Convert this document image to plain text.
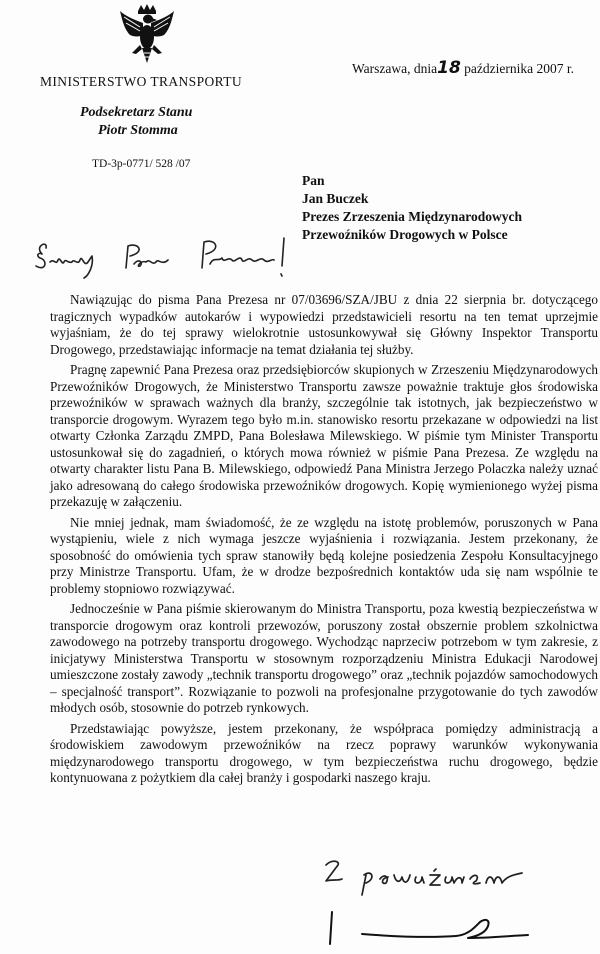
MINISTERSTWO TRANSPORTU
Podsekretarz Stanu
Piotr Stomma
TD-3p-0771/ 528 /07
Warszawa, dnia18 października 2007 r.
Pan
Jan Buczek
Prezes Zrzeszenia Międzynarodowych
Przewoźników Drogowych w Polsce

Nawiązując do pisma Pana Prezesa nr 07/03696/SZA/JBU z dnia 22 sierpnia br. dotyczącego tragicznych wypadków autokarów i wypowiedzi przedstawicieli resortu na ten temat uprzejmie wyjaśniam, że do tej sprawy wielokrotnie ustosunkowywał się Główny Inspektor Transportu Drogowego, przedstawiając informacje na temat działania tej służby.

Pragnę zapewnić Pana Prezesa oraz przedsiębiorców skupionych w Zrzeszeniu Międzynarodowych Przewoźników Drogowych, że Ministerstwo Transportu zawsze poważnie traktuje głos środowiska przewoźników w sprawach ważnych dla branży, szczególnie tak istotnych, jak bezpieczeństwo w transporcie drogowym. Wyrazem tego było m.in. stanowisko resortu przekazane w odpowiedzi na list otwarty Członka Zarządu ZMPD, Pana Bolesława Milewskiego. W piśmie tym Minister Transportu ustosunkował się do zagadnień, o których mowa również w piśmie Pana Prezesa. Ze względu na otwarty charakter listu Pana B. Milewskiego, odpowiedź Pana Ministra Jerzego Polaczka należy uznać jako adresowaną do całego środowiska przewoźników drogowych. Kopię wymienionego wyżej pisma przekazuję w załączeniu.

Nie mniej jednak, mam świadomość, że ze względu na istotę problemów, poruszonych w Pana wystąpieniu, wiele z nich wymaga jeszcze wyjaśnienia i rozwiązania. Jestem przekonany, że sposobność do omówienia tych spraw stanowiły będą kolejne posiedzenia Zespołu Konsultacyjnego przy Ministrze Transportu. Ufam, że w drodze bezpośrednich kontaktów uda się nam wspólnie te problemy stopniowo rozwiązywać.

Jednocześnie w Pana piśmie skierowanym do Ministra Transportu, poza kwestią bezpieczeństwa w transporcie drogowym oraz kontroli przewozów, poruszony został obszernie problem szkolnictwa zawodowego na potrzeby transportu drogowego. Wychodząc naprzeciw potrzebom w tym zakresie, z inicjatywy Ministerstwa Transportu w stosownym rozporządzeniu Ministra Edukacji Narodowej umieszczone zostały zawody „technik transportu drogowego” oraz „technik pojazdów samochodowych – specjalność transport”. Rozwiązanie to pozwoli na profesjonalne przygotowanie do tych zawodów młodych osób, stosownie do potrzeb rynkowych.

Przedstawiając powyższe, jestem przekonany, że współpraca pomiędzy administracją a środowiskiem zawodowym przewoźników na rzecz poprawy warunków wykonywania międzynarodowego transportu drogowego, w tym bezpieczeństwa ruchu drogowego, będzie kontynuowana z pożytkiem dla całej branży i gospodarki naszego kraju.
